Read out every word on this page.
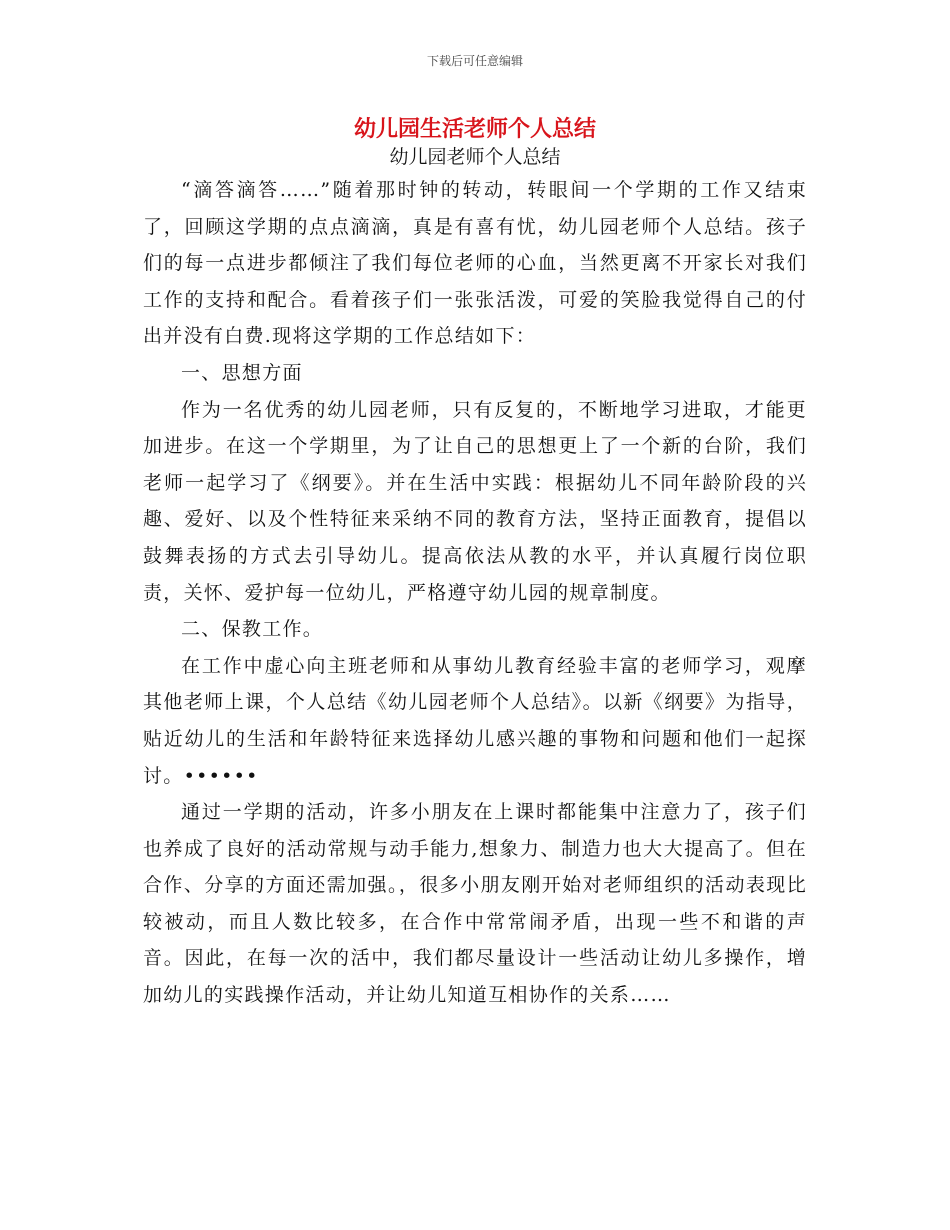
下载后可任意编辑
幼儿园生活老师个人总结
幼儿园老师个人总结

“滴答滴答……”随着那时钟的转动，转眼间一个学期的工作又结束了，回顾这学期的点点滴滴，真是有喜有忧，幼儿园老师个人总结。孩子们的每一点进步都倾注了我们每位老师的心血，当然更离不开家长对我们工作的支持和配合。看着孩子们一张张活泼，可爱的笑脸我觉得自己的付出并没有白费.现将这学期的工作总结如下：

一、思想方面

作为一名优秀的幼儿园老师，只有反复的，不断地学习进取，才能更加进步。在这一个学期里，为了让自己的思想更上了一个新的台阶，我们老师一起学习了《纲要》。并在生活中实践：根据幼儿不同年龄阶段的兴趣、爱好、以及个性特征来采纳不同的教育方法，坚持正面教育，提倡以鼓舞表扬的方式去引导幼儿。提高依法从教的水平，并认真履行岗位职责，关怀、爱护每一位幼儿，严格遵守幼儿园的规章制度。

二、保教工作。

在工作中虚心向主班老师和从事幼儿教育经验丰富的老师学习，观摩其他老师上课，个人总结《幼儿园老师个人总结》。以新《纲要》为指导，贴近幼儿的生活和年龄特征来选择幼儿感兴趣的事物和问题和他们一起探讨。••••••

通过一学期的活动，许多小朋友在上课时都能集中注意力了，孩子们也养成了良好的活动常规与动手能力,想象力、制造力也大大提高了。但在合作、分享的方面还需加强。，很多小朋友刚开始对老师组织的活动表现比较被动，而且人数比较多，在合作中常常闹矛盾，出现一些不和谐的声音。因此，在每一次的活中，我们都尽量设计一些活动让幼儿多操作，增加幼儿的实践操作活动，并让幼儿知道互相协作的关系……
